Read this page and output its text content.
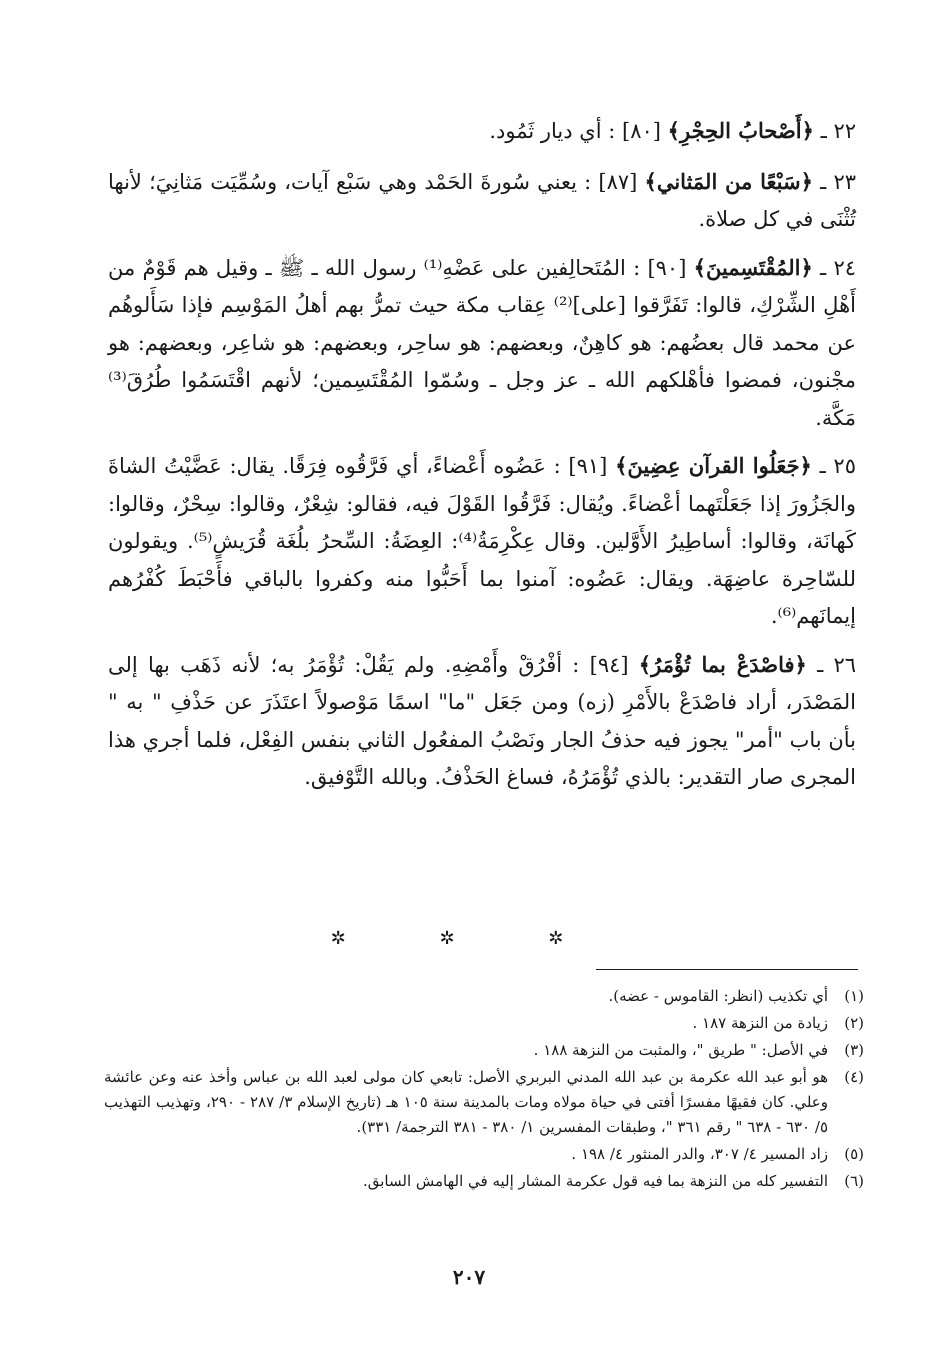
٢٢ ـ ﴿أَصْحابُ الحِجْرِ﴾ [٨٠] : أي ديار ثَمُود.

٢٣ ـ ﴿سَبْعًا من المَثاني﴾ [٨٧] : يعني سُورةَ الحَمْد وهي سَبْع آيات، وسُمِّيَت مَثانِيَ؛ لأنها تُثْنَى في كل صلاة.

٢٤ ـ ﴿المُقْتَسِمينَ﴾ [٩٠] : المُتَحالِفين على عَضْهِ⁽¹⁾ رسول الله ـ ﷺ ـ وقيل هم قَوْمٌ من أَهْلِ الشِّرْكِ، قالوا: تَفَرَّقوا [على]⁽²⁾ عِقاب مكة حيث تمرُّ بهم أهلُ المَوْسِم فإذا سَأَلوهُم عن محمد قال بعضُهم: هو كاهِنٌ، وبعضهم: هو ساحِر، وبعضهم: هو شاعِر، وبعضهم: هو مجْنون، فمضوا فأهْلكهم الله ـ عز وجل ـ وسُمّوا المُقْتَسِمين؛ لأنهم اقْتَسَمُوا طُرُقَ⁽³⁾ مَكَّة.

٢٥ ـ ﴿جَعَلُوا القرآن عِضِينَ﴾ [٩١] : عَضُوه أَعْضاءً، أي فَرَّقُوه فِرَقًا. يقال: عَضَّيْتُ الشاةَ والجَزُورَ إذا جَعَلْتَهما أعْضاءً. ويُقال: فَرَّقُوا القَوْلَ فيه، فقالو: شِعْرٌ، وقالوا: سِحْرٌ، وقالوا: كَهانَة، وقالوا: أساطِيرُ الأَوَّلين. وقال عِكْرِمَةُ⁽⁴⁾: العِضَةُ: السِّحرُ بلُغَة قُرَيشٍ⁽⁵⁾. ويقولون للسّاحِرة عاضِهَة. ويقال: عَضُوه: آمنوا بما أَحَبُّوا منه وكفروا بالباقي فأَحْبَطَ كُفْرُهم إيمانَهم⁽⁶⁾.

٢٦ ـ ﴿فاصْدَعْ بما تُؤْمَرُ﴾ [٩٤] : أفْرُقْ وأَمْضِهِ. ولم يَقُلْ: تُؤْمَرُ به؛ لأنه ذَهَب بها إلى المَصْدَر، أراد فاصْدَعْ بالأَمْرِ (زه) ومن جَعَل "ما" اسمًا مَوْصولاً اعتَذَرَ عن حَذْفِ " به " بأن باب "أمر" يجوز فيه حذفُ الجار ونَصْبُ المفعُول الثاني بنفس الفِعْل، فلما أجري هذا المجرى صار التقدير: بالذي تُؤْمَرُهُ، فساغ الحَذْفُ. وبالله التَّوْفيق.

✲ ✲ ✲
(١)
أي تكذيب (انظر: القاموس - عضه).
(٢)
زيادة من النزهة ١٨٧ .
(٣)
في الأصل: " طريق "، والمثبت من النزهة ١٨٨ .
(٤)
هو أبو عبد الله عكرمة بن عبد الله المدني البربري الأصل: تابعي كان مولى لعبد الله بن عباس وأخذ عنه وعن عائشة وعلي. كان فقيهًا مفسرًا أفتى في حياة مولاه ومات بالمدينة سنة ١٠٥ هـ (تاريخ الإسلام ٣/ ٢٨٧ - ٢٩٠، وتهذيب التهذيب ٥/ ٦٣٠ - ٦٣٨ " رقم ٣٦١ "، وطبقات المفسرين ١/ ٣٨٠ - ٣٨١ الترجمة/ ٣٣١).
(٥)
زاد المسير ٤/ ٣٠٧، والدر المنثور ٤/ ١٩٨ .
(٦)
التفسير كله من النزهة بما فيه قول عكرمة المشار إليه في الهامش السابق.
٢٠٧
